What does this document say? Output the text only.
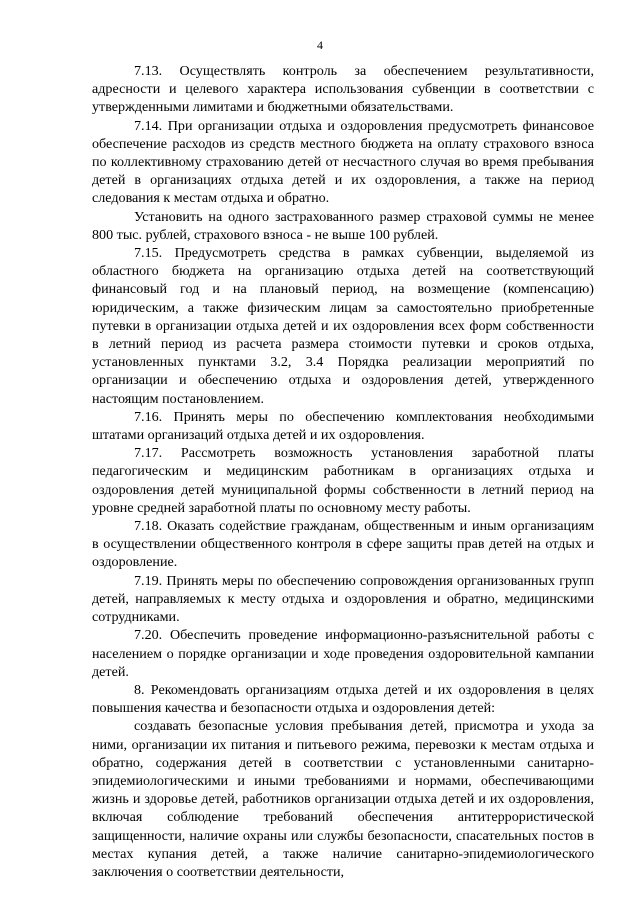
4

7.13. Осуществлять контроль за обеспечением результативности, адресности и целевого характера использования субвенции в соответствии с утвержденными лимитами и бюджетными обязательствами.

7.14. При организации отдыха и оздоровления предусмотреть финансовое обеспечение расходов из средств местного бюджета на оплату страхового взноса по коллективному страхованию детей от несчастного случая во время пребывания детей в организациях отдыха детей и их оздоровления, а также на период следования к местам отдыха и обратно.

Установить на одного застрахованного размер страховой суммы не менее 800 тыс. рублей, страхового взноса - не выше 100 рублей.

7.15. Предусмотреть средства в рамках субвенции, выделяемой из областного бюджета на организацию отдыха детей на соответствующий финансовый год и на плановый период, на возмещение (компенсацию) юридическим, а также физическим лицам за самостоятельно приобретенные путевки в организации отдыха детей и их оздоровления всех форм собственности в летний период из расчета размера стоимости путевки и сроков отдыха, установленных пунктами 3.2, 3.4 Порядка реализации мероприятий по организации и обеспечению отдыха и оздоровления детей, утвержденного настоящим постановлением.

7.16. Принять меры по обеспечению комплектования необходимыми штатами организаций отдыха детей и их оздоровления.

7.17. Рассмотреть возможность установления заработной платы педагогическим и медицинским работникам в организациях отдыха и оздоровления детей муниципальной формы собственности в летний период на уровне средней заработной платы по основному месту работы.

7.18. Оказать содействие гражданам, общественным и иным организациям в осуществлении общественного контроля в сфере защиты прав детей на отдых и оздоровление.

7.19. Принять меры по обеспечению сопровождения организованных групп детей, направляемых к месту отдыха и оздоровления и обратно, медицинскими сотрудниками.

7.20. Обеспечить проведение информационно-разъяснительной работы с населением о порядке организации и ходе проведения оздоровительной кампании детей.

8. Рекомендовать организациям отдыха детей и их оздоровления в целях повышения качества и безопасности отдыха и оздоровления детей:

создавать безопасные условия пребывания детей, присмотра и ухода за ними, организации их питания и питьевого режима, перевозки к местам отдыха и обратно, содержания детей в соответствии с установленными санитарно-эпидемиологическими и иными требованиями и нормами, обеспечивающими жизнь и здоровье детей, работников организации отдыха детей и их оздоровления, включая соблюдение требований обеспечения антитеррористической защищенности, наличие охраны или службы безопасности, спасательных постов в местах купания детей, а также наличие санитарно-эпидемиологического заключения о соответствии деятельности,
